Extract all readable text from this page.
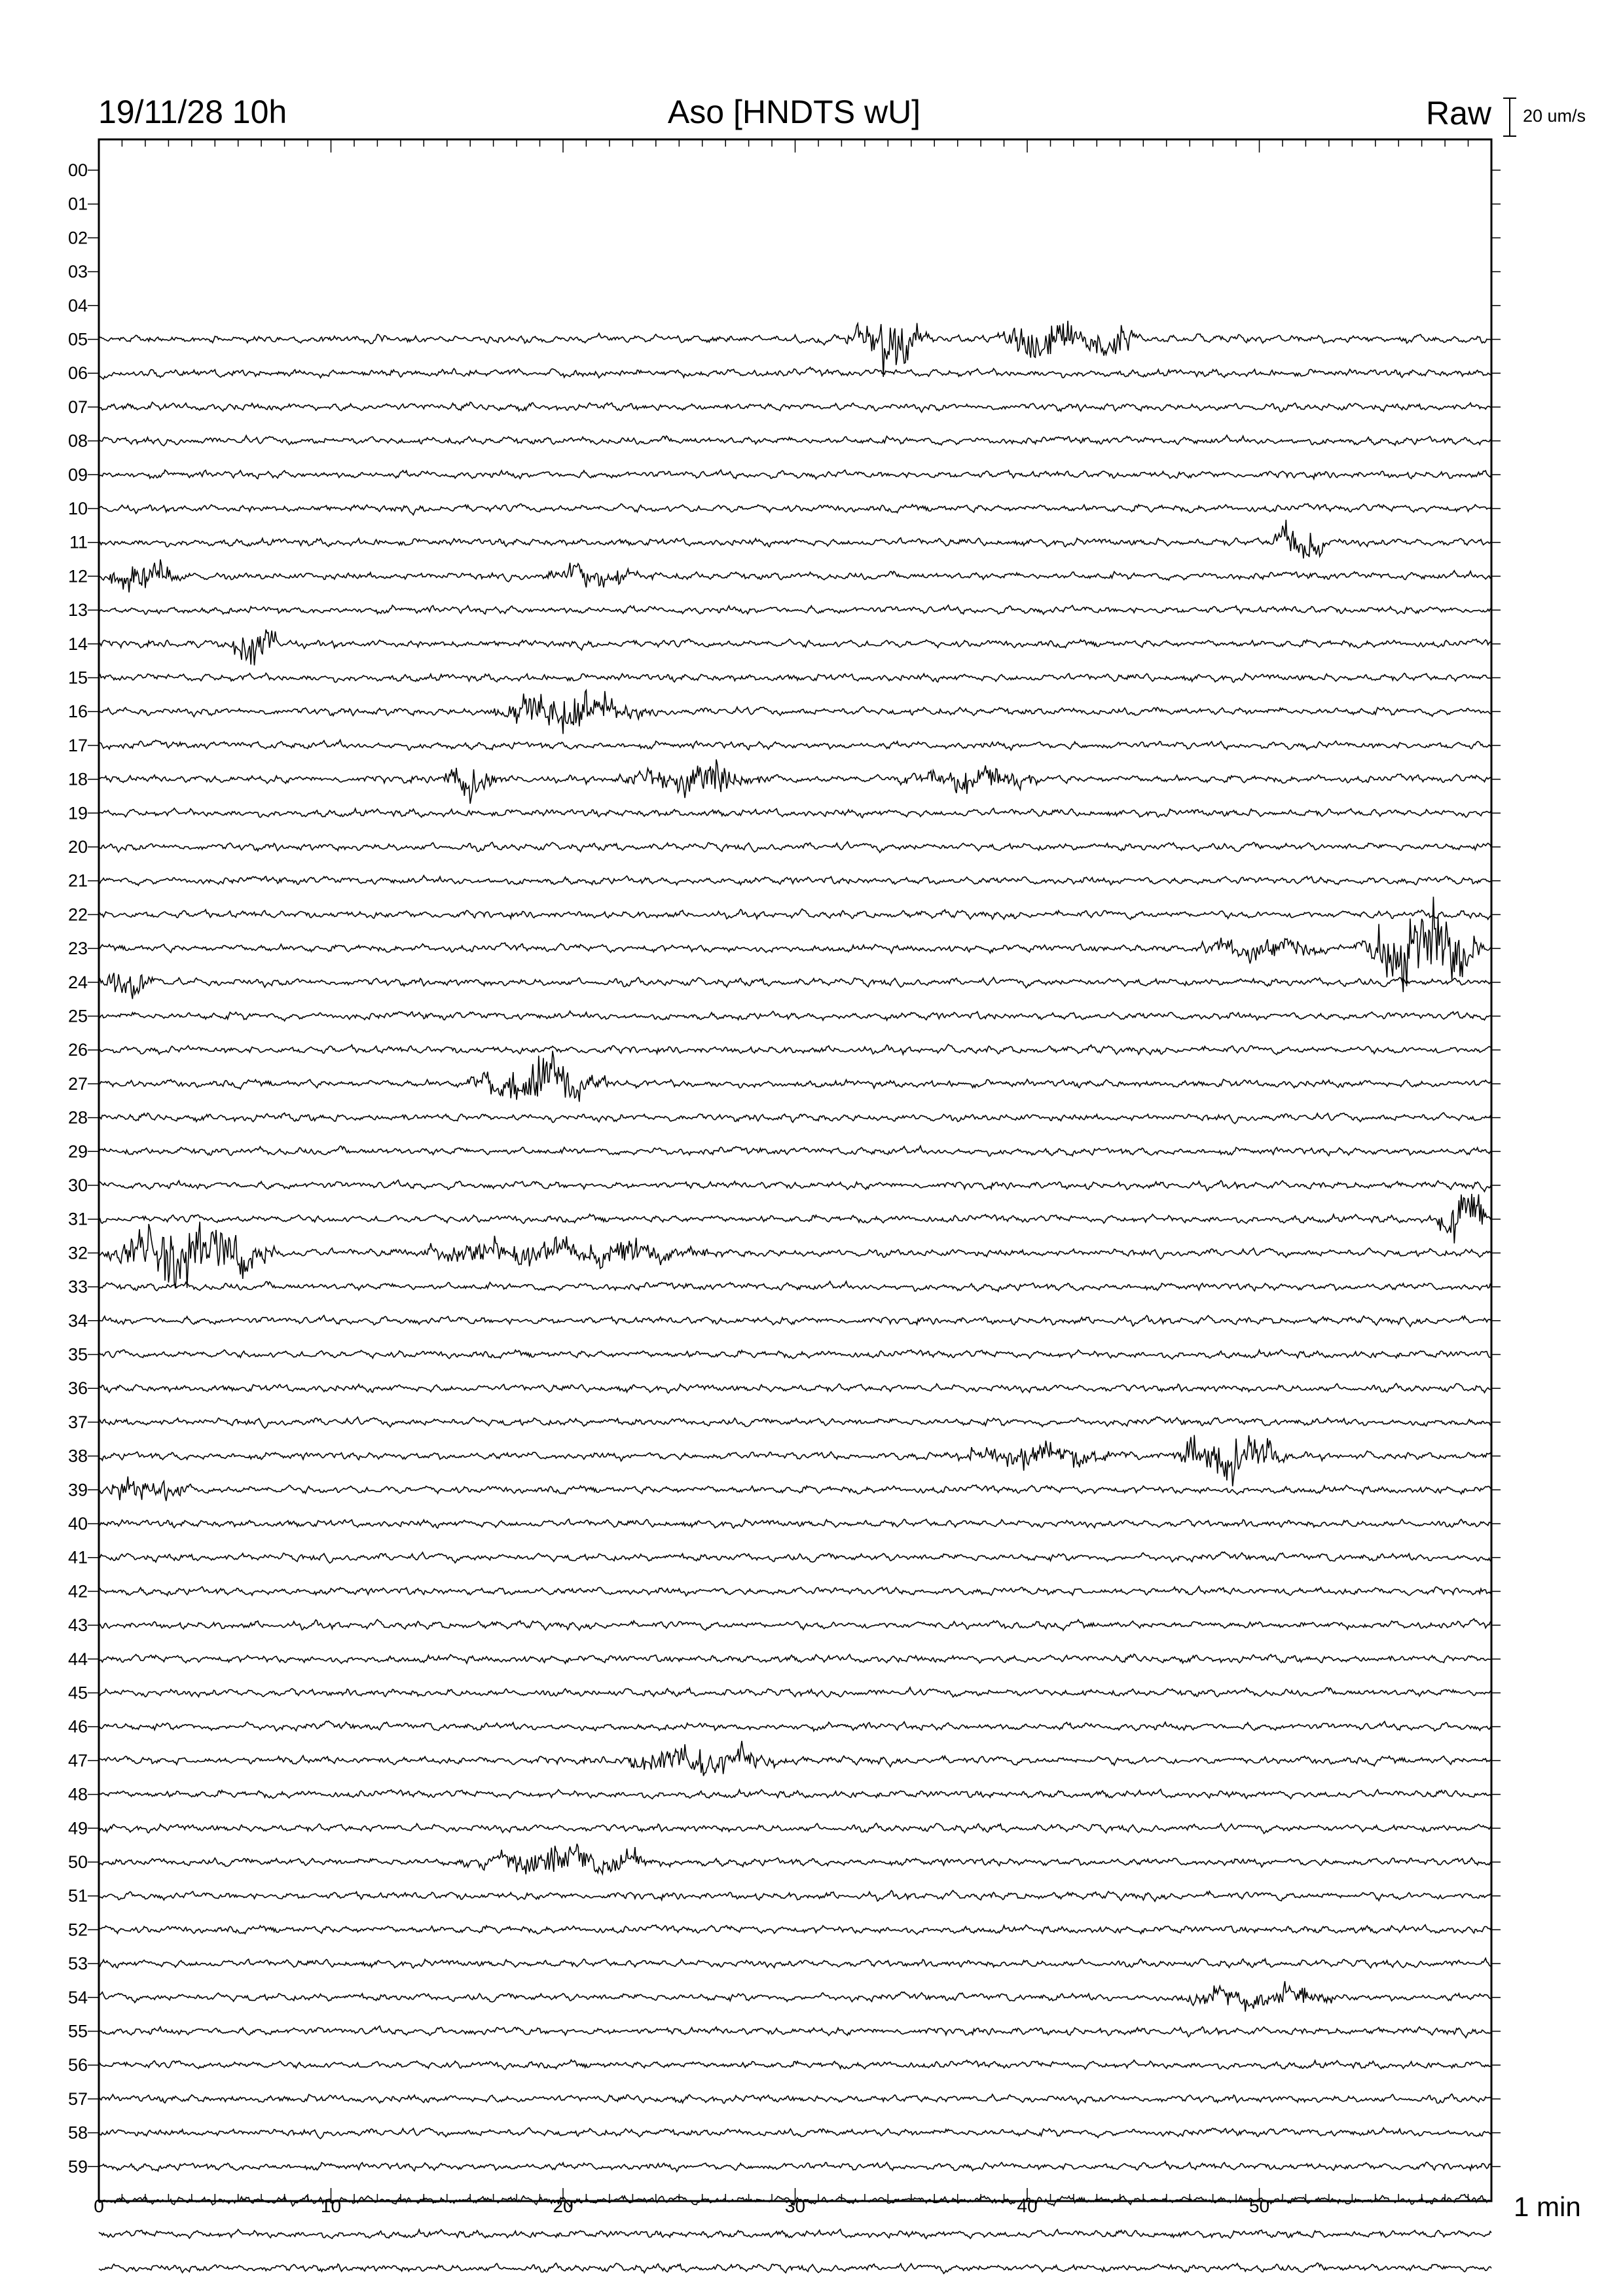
19/11/28 10h	Aso [HNDTS wU]	Raw 20 um/s
00
01
02
03
04
05
06
07
08
09
10
11
12
13
14
15
16
17
18
19
20
21
22
23
24
25
26
27
28
29
30
31
32
33
34
35
36
37
38
39
40
41
42
43
44
45
46
47
48
49
50
51
52
53
54
55
56
57
58
59
0	10	20	30	40	50	1 min
